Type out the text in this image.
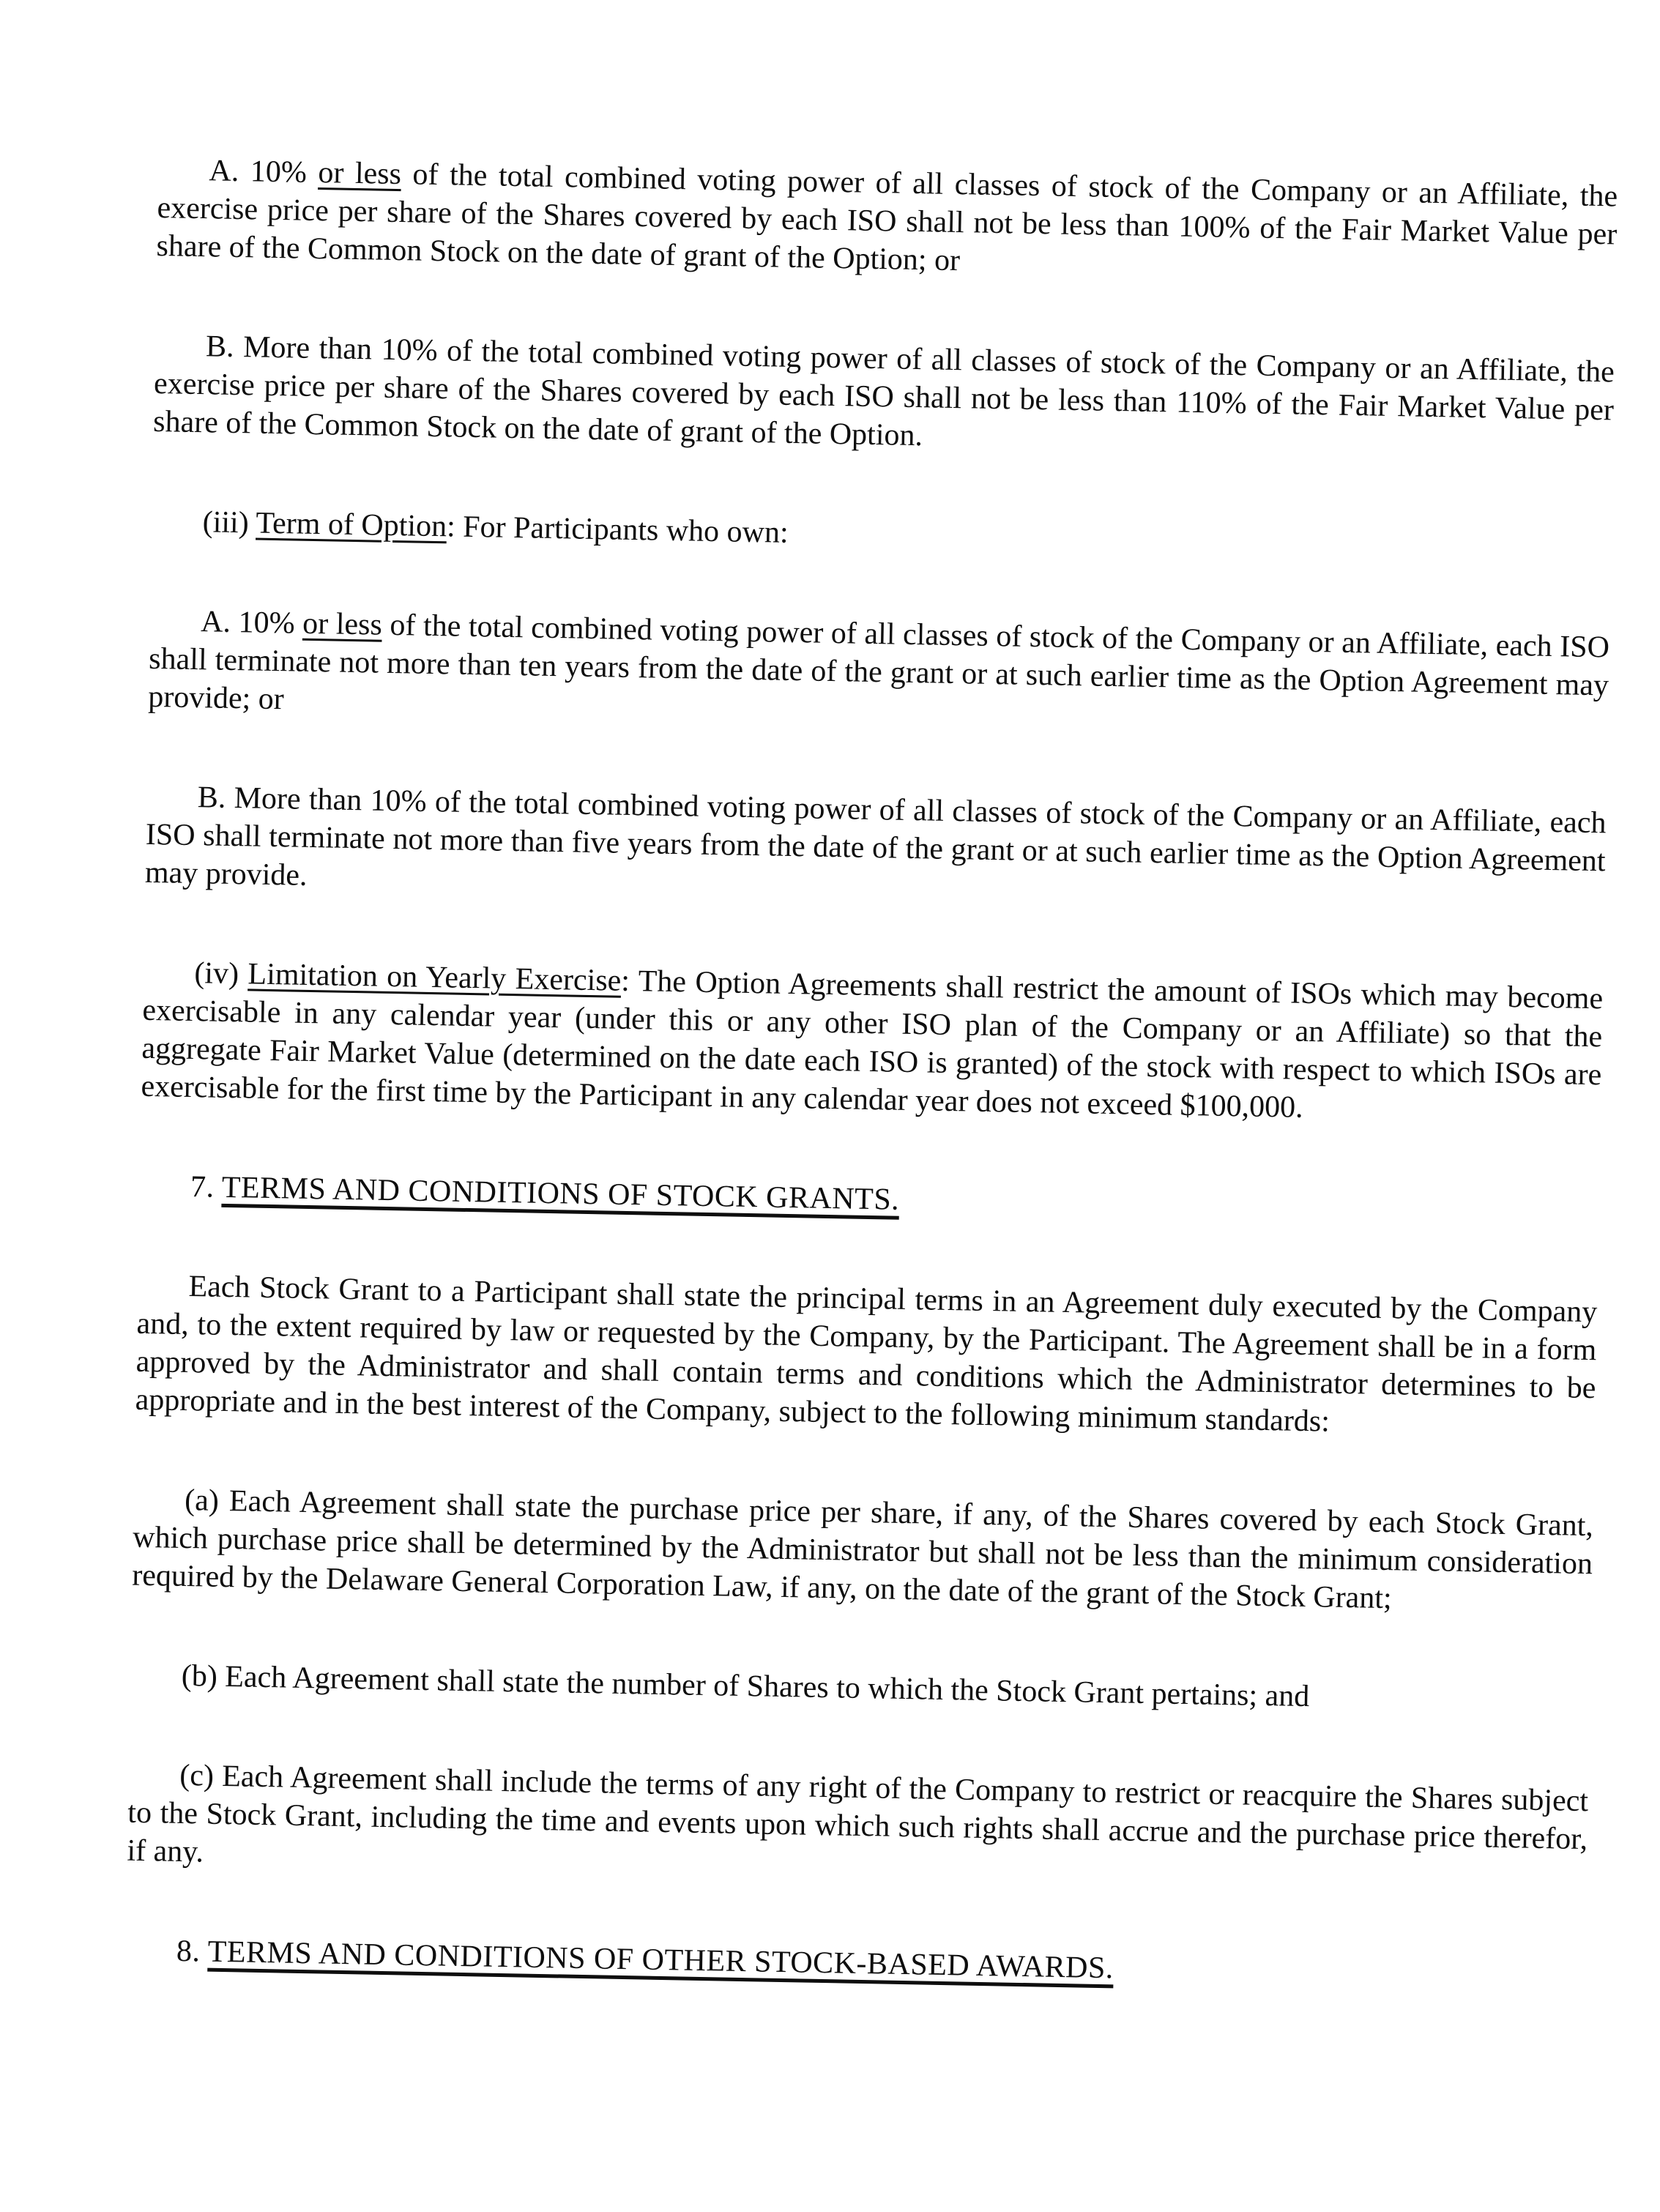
A. 10% or less of the total combined voting power of all classes of stock of the Company or an Affiliate, the exercise price per share of the Shares covered by each ISO shall not be less than 100% of the Fair Market Value per share of the Common Stock on the date of grant of the Option; or

B. More than 10% of the total combined voting power of all classes of stock of the Company or an Affiliate, the exercise price per share of the Shares covered by each ISO shall not be less than 110% of the Fair Market Value per share of the Common Stock on the date of grant of the Option.

(iii) Term of Option: For Participants who own:

A. 10% or less of the total combined voting power of all classes of stock of the Company or an Affiliate, each ISO shall terminate not more than ten years from the date of the grant or at such earlier time as the Option Agreement may provide; or

B. More than 10% of the total combined voting power of all classes of stock of the Company or an Affiliate, each ISO shall terminate not more than five years from the date of the grant or at such earlier time as the Option Agreement may provide.

(iv) Limitation on Yearly Exercise: The Option Agreements shall restrict the amount of ISOs which may become exercisable in any calendar year (under this or any other ISO plan of the Company or an Affiliate) so that the aggregate Fair Market Value (determined on the date each ISO is granted) of the stock with respect to which ISOs are exercisable for the first time by the Participant in any calendar year does not exceed $100,000.

7. TERMS AND CONDITIONS OF STOCK GRANTS.

Each Stock Grant to a Participant shall state the principal terms in an Agreement duly executed by the Company and, to the extent required by law or requested by the Company, by the Participant. The Agreement shall be in a form approved by the Administrator and shall contain terms and conditions which the Administrator determines to be appropriate and in the best interest of the Company, subject to the following minimum standards:

(a) Each Agreement shall state the purchase price per share, if any, of the Shares covered by each Stock Grant, which purchase price shall be determined by the Administrator but shall not be less than the minimum consideration required by the Delaware General Corporation Law, if any, on the date of the grant of the Stock Grant;

(b) Each Agreement shall state the number of Shares to which the Stock Grant pertains; and

(c) Each Agreement shall include the terms of any right of the Company to restrict or reacquire the Shares subject to the Stock Grant, including the time and events upon which such rights shall accrue and the purchase price therefor, if any.

8. TERMS AND CONDITIONS OF OTHER STOCK-BASED AWARDS.
